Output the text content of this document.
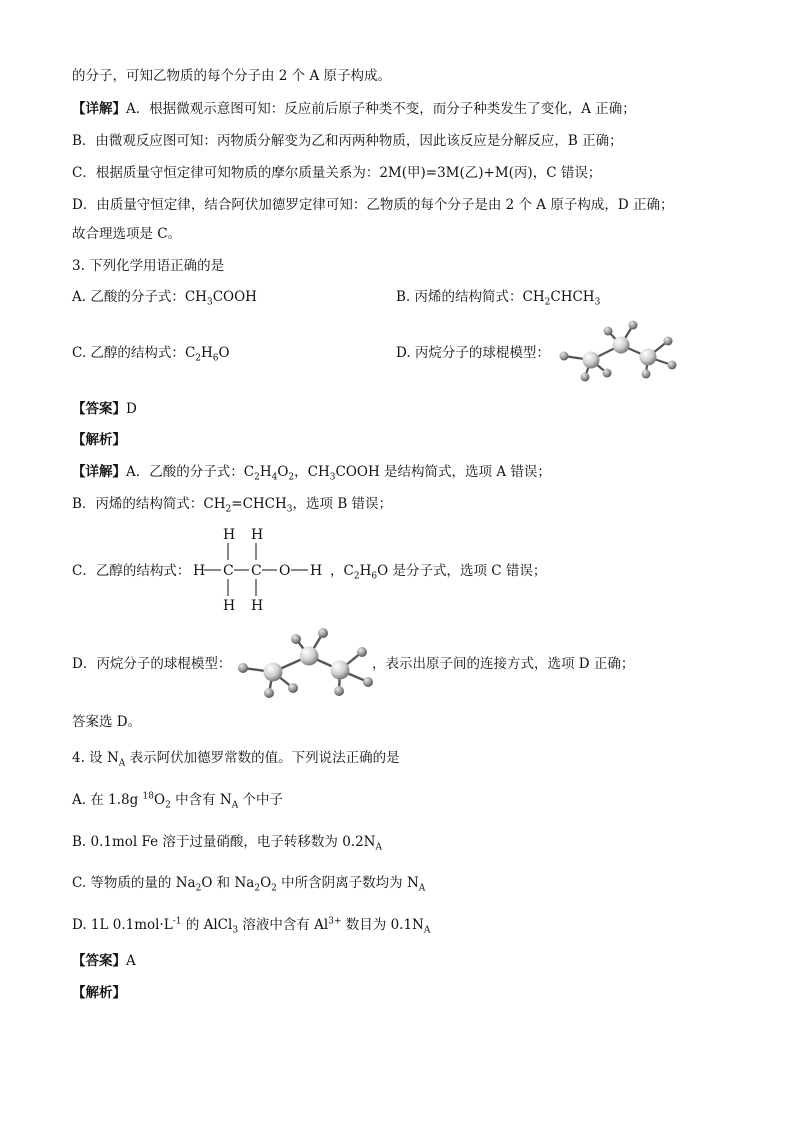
的分子，可知乙物质的每个分子由 2 个 A 原子构成。
【详解】A．根据微观示意图可知：反应前后原子种类不变，而分子种类发生了变化，A 正确；
B．由微观反应图可知：丙物质分解变为乙和丙两种物质，因此该反应是分解反应，B 正确；
C．根据质量守恒定律可知物质的摩尔质量关系为：2M(甲)=3M(乙)+M(丙)，C 错误；
D．由质量守恒定律，结合阿伏加德罗定律可知：乙物质的每个分子是由 2 个 A 原子构成，D 正确；
故合理选项是 C。
3. 下列化学用语正确的是
A. 乙酸的分子式：$CH_3COOH$	B. 丙烯的结构简式：$CH_2CHCH_3$
C. 乙醇的结构式：$C_2H_6O$	D. 丙烷分子的球棍模型：
【答案】D
【解析】
【详解】A．乙酸的分子式：$C_2H_4O_2$，$CH_3COOH$ 是结构简式，选项 A 错误；
B．丙烯的结构简式：$CH_2=CHCH_3$，选项 B 错误；
C．乙醇的结构式：
H H
H C C O H
H H
，$C_2H_6O$ 是分子式，选项 C 错误；
D．丙烷分子的球棍模型：	，表示出原子间的连接方式，选项 D 正确；
答案选 D。
4. 设 $N_A$ 表示阿伏加德罗常数的值。下列说法正确的是
A. 在 1.8g $^{18}O_2$ 中含有 $N_A$ 个中子
B. 0.1mol Fe 溶于过量硝酸，电子转移数为 $0.2N_A$
C. 等物质的量的 $Na_2O$ 和 $Na_2O_2$ 中所含阴离子数均为 $N_A$
D. 1L $0.1mol\cdot L^{-1}$ 的 AlCl$_3$ 溶液中含有 $Al^{3+}$ 数目为 $0.1N_A$
【答案】A
【解析】
